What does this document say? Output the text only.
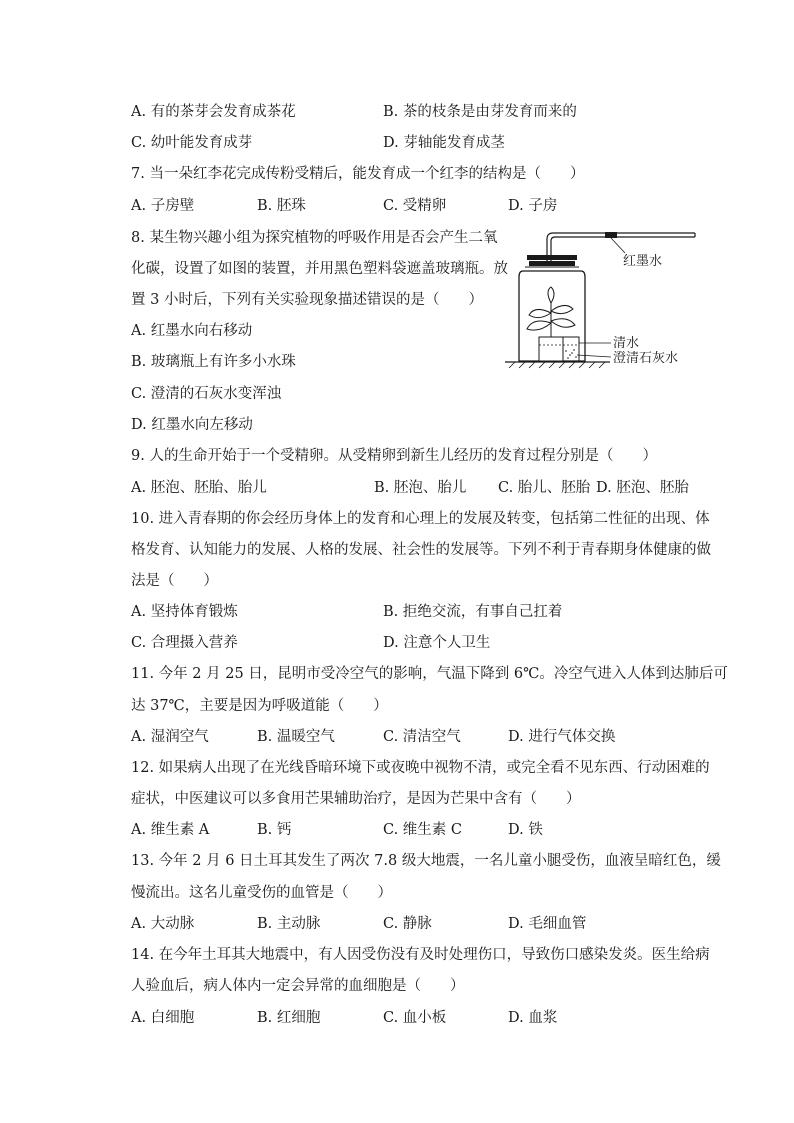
A. 有的茶芽会发育成茶花	B. 茶的枝条是由芽发育而来的
C. 幼叶能发育成芽	D. 芽轴能发育成茎
7. 当一朵红李花完成传粉受精后，能发育成一个红李的结构是（　　）
A. 子房壁	B. 胚珠	C. 受精卵	D. 子房
8. 某生物兴趣小组为探究植物的呼吸作用是否会产生二氧
化碳，设置了如图的装置，并用黑色塑料袋遮盖玻璃瓶。放
置 3 小时后，下列有关实验现象描述错误的是（　　）
A. 红墨水向右移动
B. 玻璃瓶上有许多小水珠
C. 澄清的石灰水变浑浊
D. 红墨水向左移动
红墨水
清水
澄清石灰水
9. 人的生命开始于一个受精卵。从受精卵到新生儿经历的发育过程分别是（　　）
A. 胚泡、胚胎、胎儿	B. 胚泡、胎儿 C. 胎儿、胚胎 D. 胚泡、胚胎
10. 进入青春期的你会经历身体上的发育和心理上的发展及转变，包括第二性征的出现、体
格发育、认知能力的发展、人格的发展、社会性的发展等。下列不利于青春期身体健康的做
法是（　　）
A. 坚持体育锻炼	B. 拒绝交流，有事自己扛着
C. 合理摄入营养	D. 注意个人卫生
11. 今年 2 月 25 日，昆明市受冷空气的影响，气温下降到 6℃。冷空气进入人体到达肺后可
达 37℃，主要是因为呼吸道能（　　）
A. 湿润空气	B. 温暖空气	C. 清洁空气	D. 进行气体交换
12. 如果病人出现了在光线昏暗环境下或夜晚中视物不清，或完全看不见东西、行动困难的
症状，中医建议可以多食用芒果辅助治疗，是因为芒果中含有（　　）
A. 维生素 A	B. 钙	C. 维生素 C	D. 铁
13. 今年 2 月 6 日土耳其发生了两次 7.8 级大地震，一名儿童小腿受伤，血液呈暗红色，缓
慢流出。这名儿童受伤的血管是（　　）
A. 大动脉	B. 主动脉	C. 静脉	D. 毛细血管
14. 在今年土耳其大地震中，有人因受伤没有及时处理伤口，导致伤口感染发炎。医生给病
人验血后，病人体内一定会异常的血细胞是（　　）
A. 白细胞	B. 红细胞	C. 血小板	D. 血浆
